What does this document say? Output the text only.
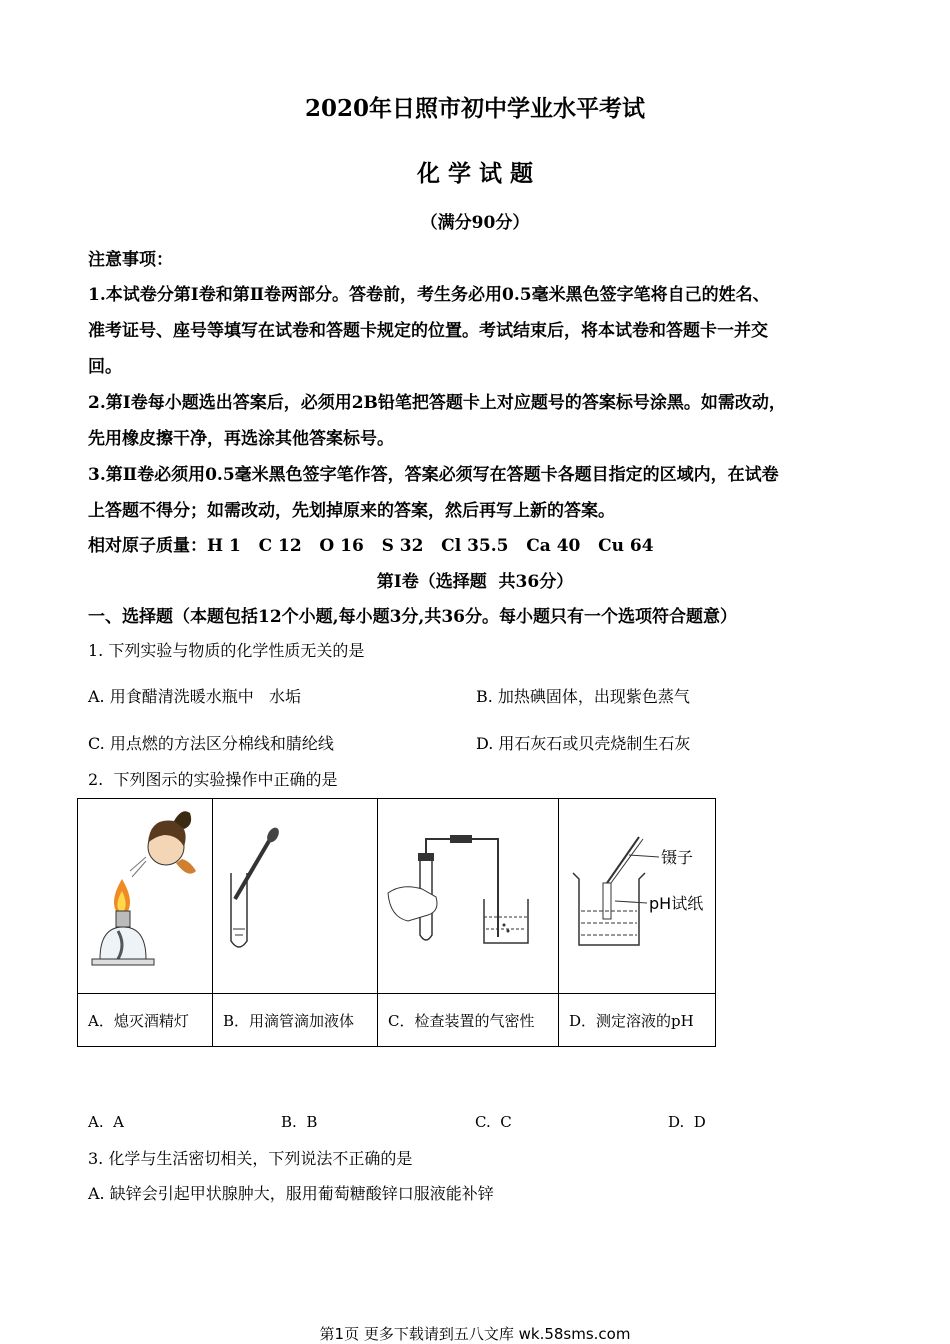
2020年日照市初中学业水平考试
化 学 试 题
（满分90分）
注意事项：
1.本试卷分第Ⅰ卷和第Ⅱ卷两部分。答卷前，考生务必用0.5毫米黑色签字笔将自己的姓名、
准考证号、座号等填写在试卷和答题卡规定的位置。考试结束后，将本试卷和答题卡一并交
回。
2.第Ⅰ卷每小题选出答案后，必须用2B铅笔把答题卡上对应题号的答案标号涂黑。如需改动，
先用橡皮擦干净，再选涂其他答案标号。
3.第Ⅱ卷必须用0.5毫米黑色签字笔作答，答案必须写在答题卡各题目指定的区域内，在试卷
上答题不得分；如需改动，先划掉原来的答案，然后再写上新的答案。
相对原子质量：H 1   C 12   O 16   S 32   Cl 35.5   Ca 40   Cu 64
第Ⅰ卷（选择题  共36分）
一、选择题（本题包括12个小题,每小题3分,共36分。每小题只有一个选项符合题意）
1. 下列实验与物质的化学性质无关的是
A. 用食醋清洗暖水瓶中   水垢	B. 加热碘固体，出现紫色蒸气
C. 用点燃的方法区分棉线和腈纶线	D. 用石灰石或贝壳烧制生石灰
2.  下列图示的实验操作中正确的是

镊子
pH试纸

A．熄灭酒精灯	B．用滴管滴加液体	C．检查装置的气密性	D．测定溶液的pH
A.  A	B.  B	C.  C	D.  D
3. 化学与生活密切相关，下列说法不正确的是
A. 缺锌会引起甲状腺肿大，服用葡萄糖酸锌口服液能补锌
第1页 更多下载请到五八文库 wk.58sms.com
